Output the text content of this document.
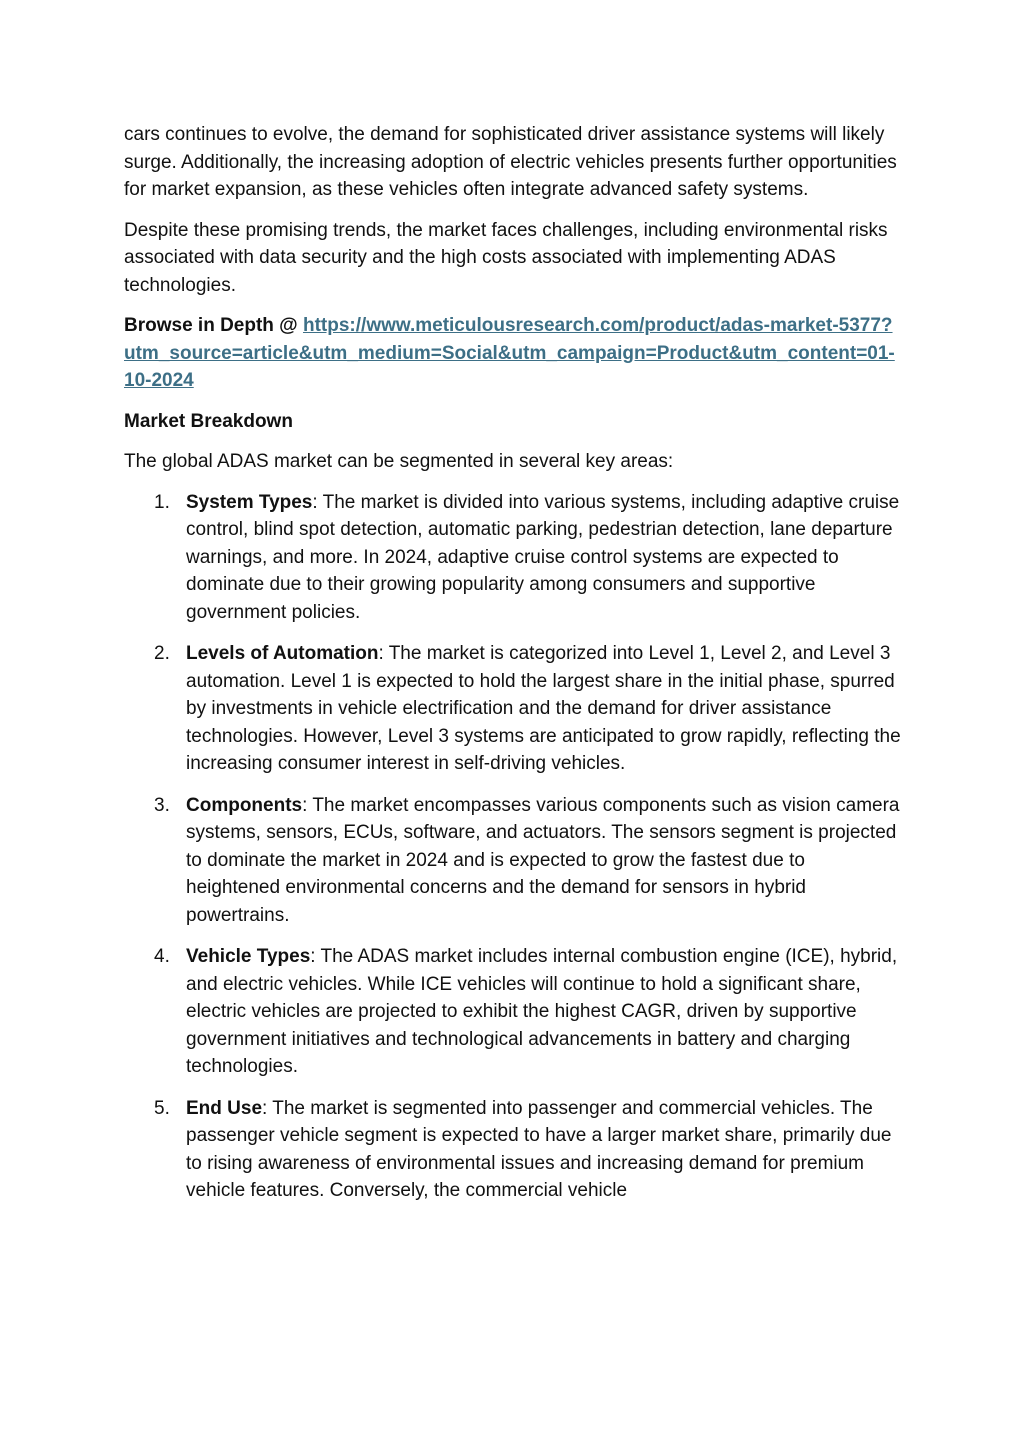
cars continues to evolve, the demand for sophisticated driver assistance systems will likely surge. Additionally, the increasing adoption of electric vehicles presents further opportunities for market expansion, as these vehicles often integrate advanced safety systems.

Despite these promising trends, the market faces challenges, including environmental risks associated with data security and the high costs associated with implementing ADAS technologies.

Browse in Depth @ https://www.meticulousresearch.com/product/adas-market-5377?utm_source=article&utm_medium=Social&utm_campaign=Product&utm_content=01-10-2024

Market Breakdown

The global ADAS market can be segmented in several key areas:

1. System Types: The market is divided into various systems, including adaptive cruise control, blind spot detection, automatic parking, pedestrian detection, lane departure warnings, and more. In 2024, adaptive cruise control systems are expected to dominate due to their growing popularity among consumers and supportive government policies.
2. Levels of Automation: The market is categorized into Level 1, Level 2, and Level 3 automation. Level 1 is expected to hold the largest share in the initial phase, spurred by investments in vehicle electrification and the demand for driver assistance technologies. However, Level 3 systems are anticipated to grow rapidly, reflecting the increasing consumer interest in self-driving vehicles.
3. Components: The market encompasses various components such as vision camera systems, sensors, ECUs, software, and actuators. The sensors segment is projected to dominate the market in 2024 and is expected to grow the fastest due to heightened environmental concerns and the demand for sensors in hybrid powertrains.
4. Vehicle Types: The ADAS market includes internal combustion engine (ICE), hybrid, and electric vehicles. While ICE vehicles will continue to hold a significant share, electric vehicles are projected to exhibit the highest CAGR, driven by supportive government initiatives and technological advancements in battery and charging technologies.
5. End Use: The market is segmented into passenger and commercial vehicles. The passenger vehicle segment is expected to have a larger market share, primarily due to rising awareness of environmental issues and increasing demand for premium vehicle features. Conversely, the commercial vehicle
